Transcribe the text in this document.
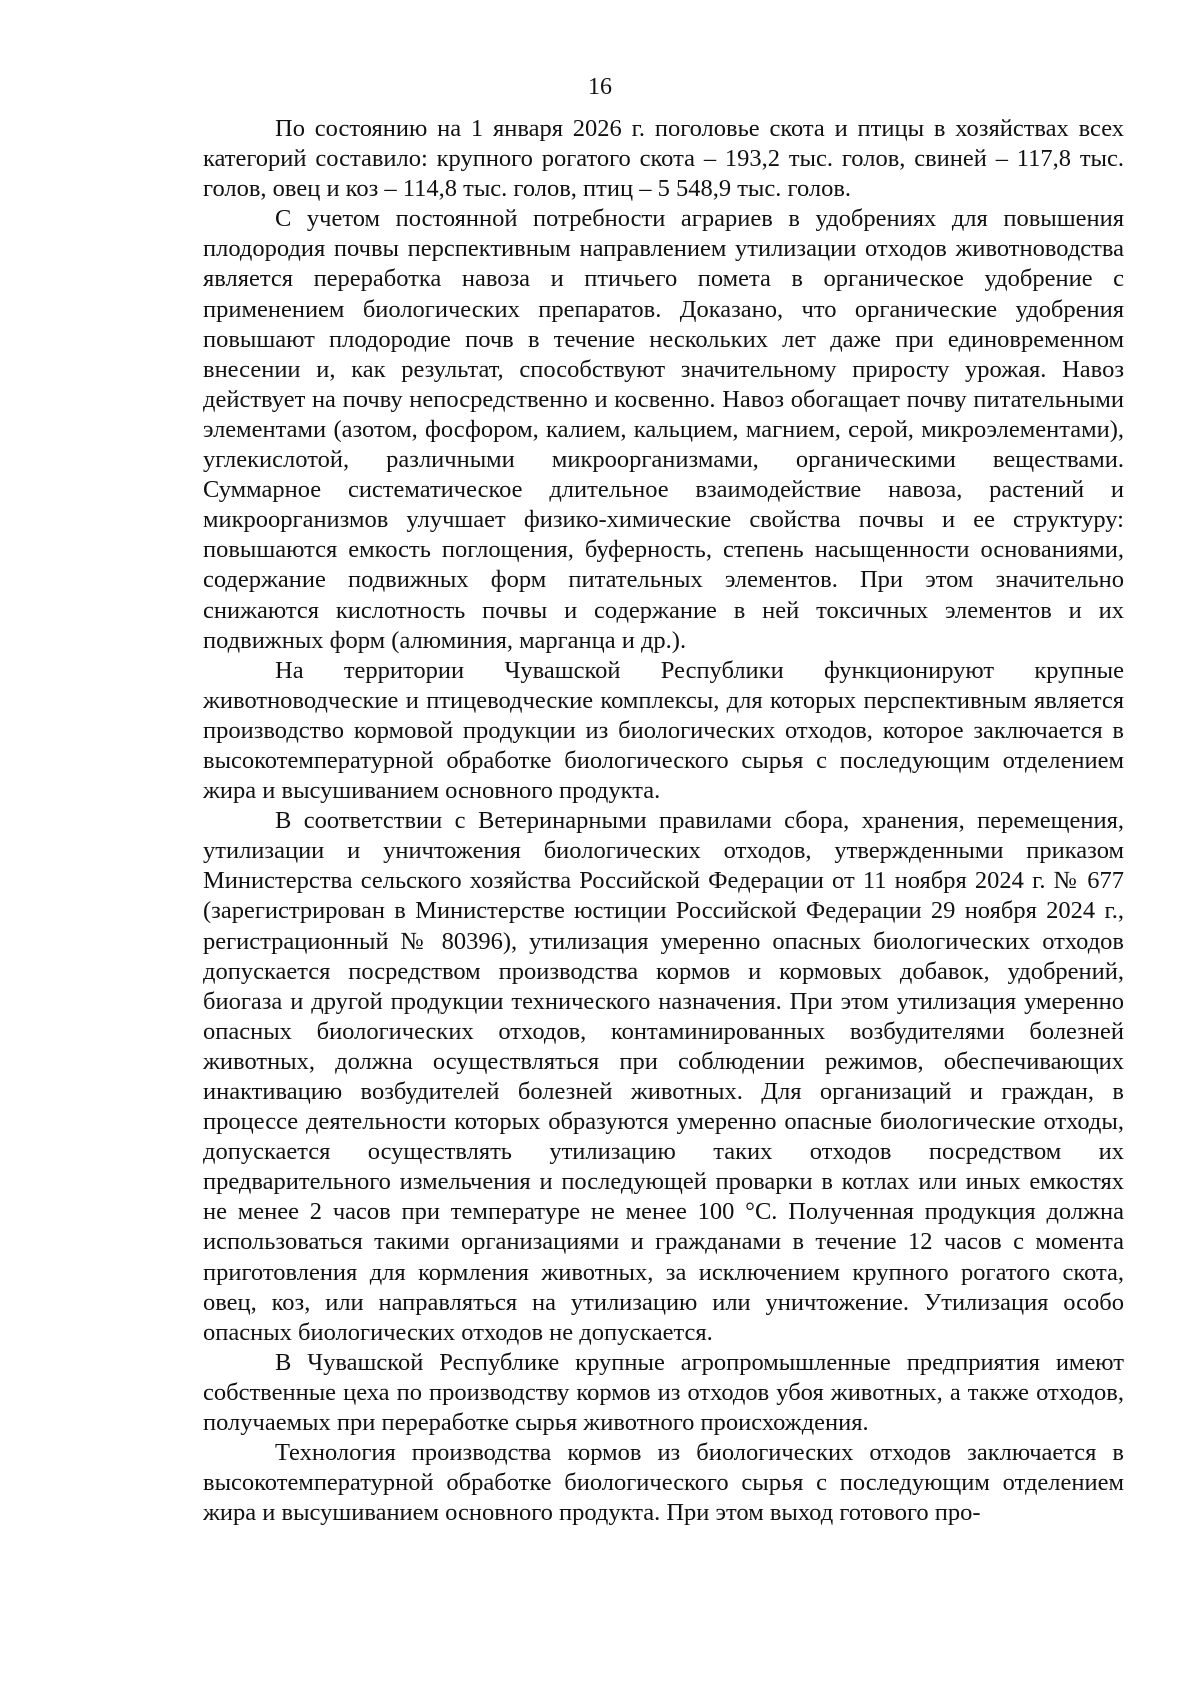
16

По состоянию на 1 января 2026 г. поголовье скота и птицы в хозяйствах всех категорий составило: крупного рогатого скота – 193,2 тыс. голов, свиней – 117,8 тыс. голов, овец и коз – 114,8 тыс. голов, птиц – 5 548,9 тыс. голов.

С учетом постоянной потребности аграриев в удобрениях для повышения плодородия почвы перспективным направлением утилизации отходов животноводства является переработка навоза и птичьего помета в органическое удобрение с применением биологических препаратов. Доказано, что органические удобрения повышают плодородие почв в течение нескольких лет даже при единовременном внесении и, как результат, способствуют значительному приросту урожая. Навоз действует на почву непосредственно и косвенно. Навоз обогащает почву питательными элементами (азотом, фосфором, калием, кальцием, магнием, серой, микроэлементами), углекислотой, различными микроорганизмами, органическими веществами. Суммарное систематическое длительное взаимодействие навоза, растений и микроорганизмов улучшает физико-химические свойства почвы и ее структуру: повышаются емкость поглощения, буферность, степень насыщенности основаниями, содержание подвижных форм питательных элементов. При этом значительно снижаются кислотность почвы и содержание в ней токсичных элементов и их подвижных форм (алюминия, марганца и др.).

На территории Чувашской Республики функционируют крупные животноводческие и птицеводческие комплексы, для которых перспективным является производство кормовой продукции из биологических отходов, которое заключается в высокотемпературной обработке биологического сырья с последующим отделением жира и высушиванием основного продукта.

В соответствии с Ветеринарными правилами сбора, хранения, перемещения, утилизации и уничтожения биологических отходов, утвержденными приказом Министерства сельского хозяйства Российской Федерации от 11 ноября 2024 г. № 677 (зарегистрирован в Министерстве юстиции Российской Федерации 29 ноября 2024 г., регистрационный № 80396), утилизация умеренно опасных биологических отходов допускается посредством производства кормов и кормовых добавок, удобрений, биогаза и другой продукции технического назначения. При этом утилизация умеренно опасных биологических отходов, контаминированных возбудителями болезней животных, должна осуществляться при соблюдении режимов, обеспечивающих инактивацию возбудителей болезней животных. Для организаций и граждан, в процессе деятельности которых образуются умеренно опасные биологические отходы, допускается осуществлять утилизацию таких отходов посредством их предварительного измельчения и последующей проварки в котлах или иных емкостях не менее 2 часов при температуре не менее 100 °С. Полученная продукция должна использоваться такими организациями и гражданами в течение 12 часов с момента приготовления для кормления животных, за исключением крупного рогатого скота, овец, коз, или направляться на утилизацию или уничтожение. Утилизация особо опасных биологических отходов не допускается.

В Чувашской Республике крупные агропромышленные предприятия имеют собственные цеха по производству кормов из отходов убоя животных, а также отходов, получаемых при переработке сырья животного происхождения.

Технология производства кормов из биологических отходов заключается в высокотемпературной обработке биологического сырья с последующим отделением жира и высушиванием основного продукта. При этом выход готового про-
